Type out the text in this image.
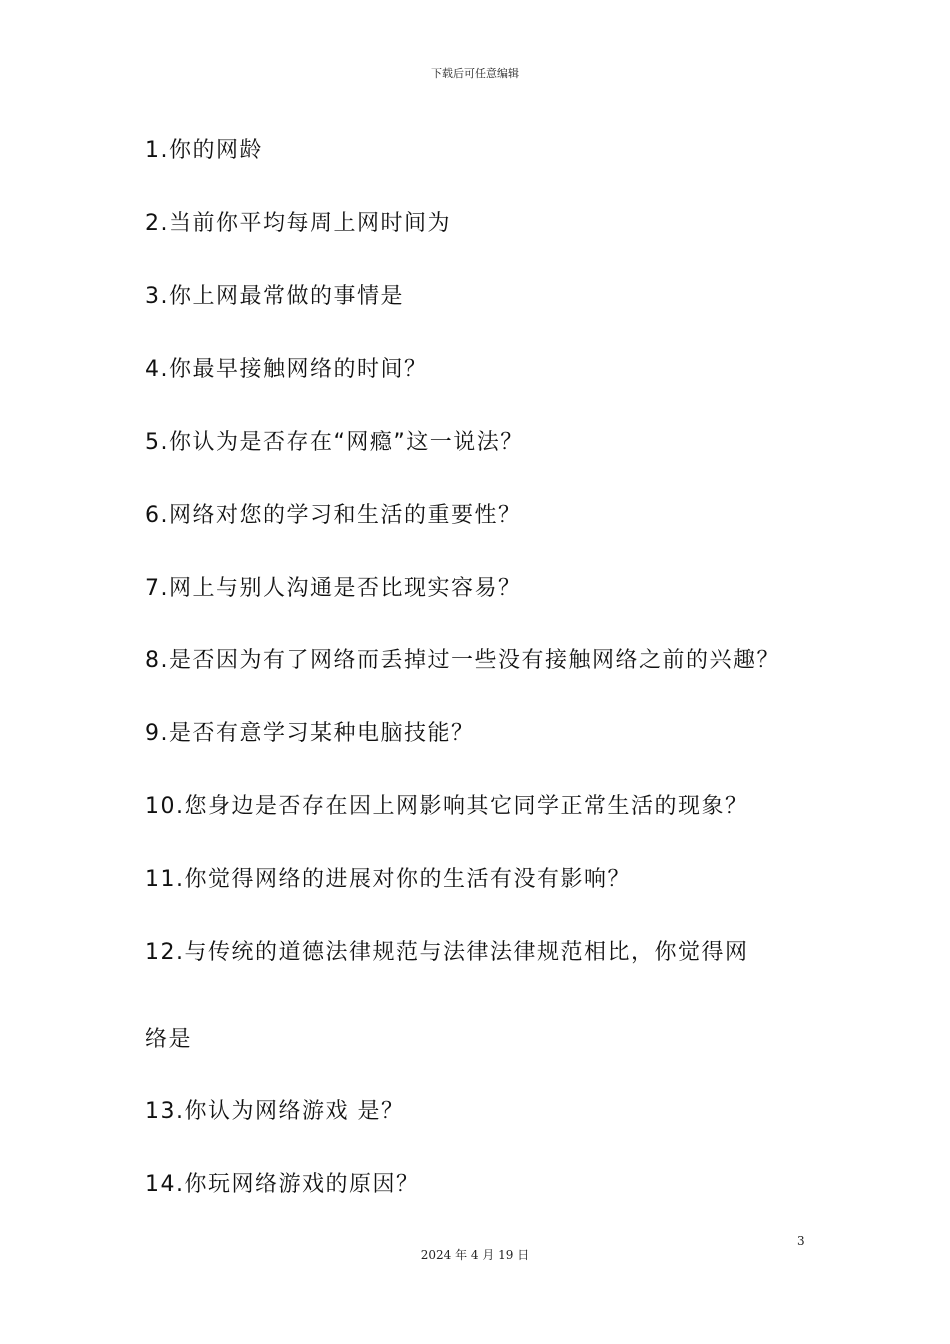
下载后可任意编辑
1.你的网龄
2.当前你平均每周上网时间为
3.你上网最常做的事情是
4.你最早接触网络的时间？
5.你认为是否存在“网瘾”这一说法？
6.网络对您的学习和生活的重要性？
7.网上与别人沟通是否比现实容易？
8.是否因为有了网络而丢掉过一些没有接触网络之前的兴趣？
9.是否有意学习某种电脑技能？
10.您身边是否存在因上网影响其它同学正常生活的现象？
11.你觉得网络的进展对你的生活有没有影响？
12.与传统的道德法律规范与法律法律规范相比，你觉得网
络是
13.你认为网络游戏 是？
14.你玩网络游戏的原因？
3
2024 年 4 月 19 日
